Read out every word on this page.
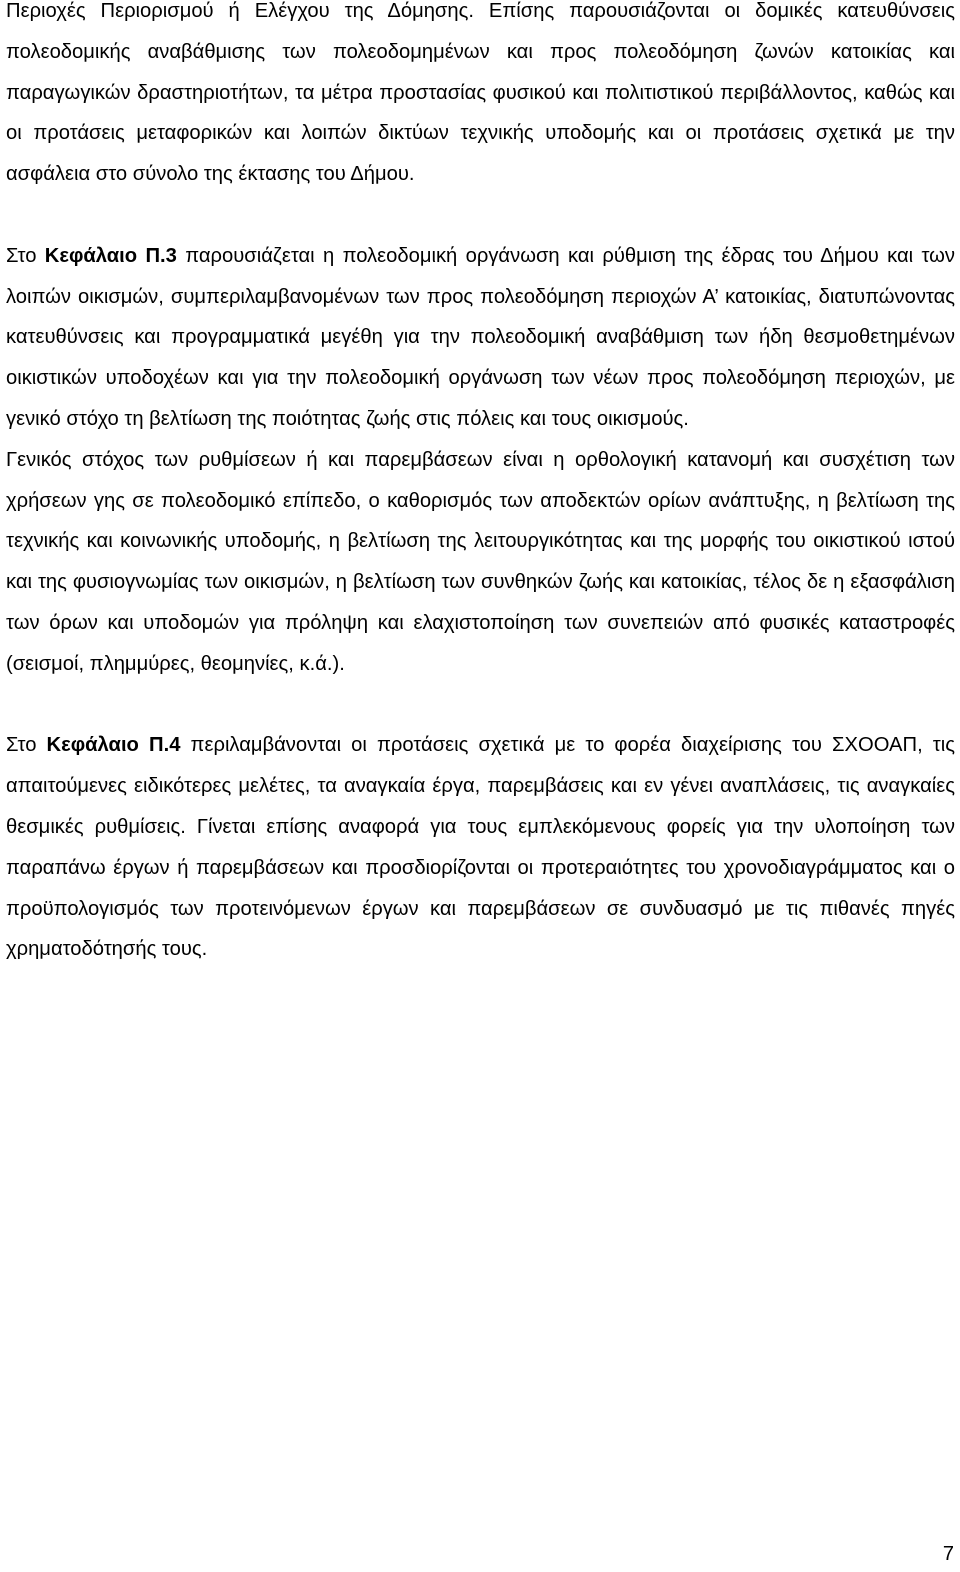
Περιοχές Περιορισμού ή Ελέγχου της Δόμησης. Επίσης παρουσιάζονται οι δομικές κατευθύνσεις πολεοδομικής αναβάθμισης των πολεοδομημένων και προς πολεοδόμηση ζωνών κατοικίας και παραγωγικών δραστηριοτήτων, τα μέτρα προστασίας φυσικού και πολιτιστικού περιβάλλοντος, καθώς και οι προτάσεις μεταφορικών και λοιπών δικτύων τεχνικής υποδομής και οι προτάσεις σχετικά με την ασφάλεια στο σύνολο της έκτασης του Δήμου.

Στο Κεφάλαιο Π.3 παρουσιάζεται η πολεοδομική οργάνωση και ρύθμιση της έδρας του Δήμου και των λοιπών οικισμών, συμπεριλαμβανομένων των προς πολεοδόμηση περιοχών Α’ κατοικίας, διατυπώνοντας κατευθύνσεις και προγραμματικά μεγέθη για την πολεοδομική αναβάθμιση των ήδη θεσμοθετημένων οικιστικών υποδοχέων και για την πολεοδομική οργάνωση των νέων προς πολεοδόμηση περιοχών, με γενικό στόχο τη βελτίωση της ποιότητας ζωής στις πόλεις και τους οικισμούς.

Γενικός στόχος των ρυθμίσεων ή και παρεμβάσεων είναι η ορθολογική κατανομή και συσχέτιση των χρήσεων γης σε πολεοδομικό επίπεδο, ο καθορισμός των αποδεκτών ορίων ανάπτυξης, η βελτίωση της τεχνικής και κοινωνικής υποδομής, η βελτίωση της λειτουργικότητας και της μορφής του οικιστικού ιστού και της φυσιογνωμίας των οικισμών, η βελτίωση των συνθηκών ζωής και κατοικίας, τέλος δε η εξασφάλιση των όρων και υποδομών για πρόληψη και ελαχιστοποίηση των συνεπειών από φυσικές καταστροφές (σεισμοί, πλημμύρες, θεομηνίες, κ.ά.).

Στο Κεφάλαιο Π.4 περιλαμβάνονται οι προτάσεις σχετικά με το φορέα διαχείρισης του ΣΧΟΟΑΠ, τις απαιτούμενες ειδικότερες μελέτες, τα αναγκαία έργα, παρεμβάσεις και εν γένει αναπλάσεις, τις αναγκαίες θεσμικές ρυθμίσεις. Γίνεται επίσης αναφορά για τους εμπλεκόμενους φορείς για την υλοποίηση των παραπάνω έργων ή παρεμβάσεων και προσδιορίζονται οι προτεραιότητες του χρονοδιαγράμματος και ο προϋπολογισμός των προτεινόμενων έργων και παρεμβάσεων σε συνδυασμό με τις πιθανές πηγές χρηματοδότησής τους.

7
